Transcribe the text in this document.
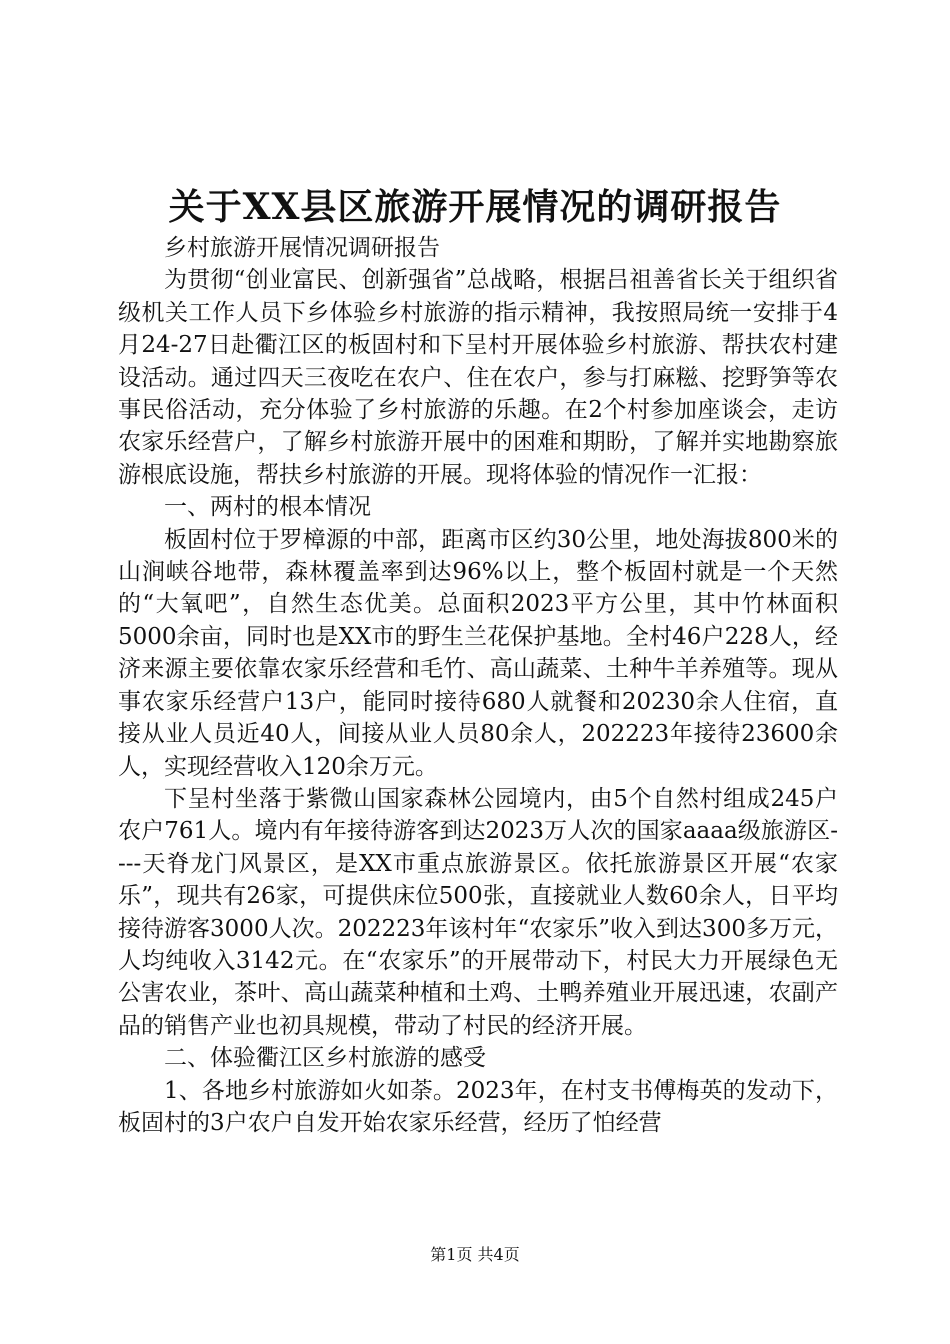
关于XX县区旅游开展情况的调研报告

乡村旅游开展情况调研报告

为贯彻“创业富民、创新强省”总战略，根据吕祖善省长关于组织省级机关工作人员下乡体验乡村旅游的指示精神，我按照局统一安排于4月24-27日赴衢江区的板固村和下呈村开展体验乡村旅游、帮扶农村建设活动。通过四天三夜吃在农户、住在农户，参与打麻糍、挖野笋等农事民俗活动，充分体验了乡村旅游的乐趣。在2个村参加座谈会，走访农家乐经营户，了解乡村旅游开展中的困难和期盼，了解并实地勘察旅游根底设施，帮扶乡村旅游的开展。现将体验的情况作一汇报：

一、两村的根本情况

板固村位于罗樟源的中部，距离市区约30公里，地处海拔800米的山涧峡谷地带，森林覆盖率到达96%以上，整个板固村就是一个天然的“大氧吧”，自然生态优美。总面积2023平方公里，其中竹林面积5000余亩，同时也是XX市的野生兰花保护基地。全村46户228人，经济来源主要依靠农家乐经营和毛竹、高山蔬菜、土种牛羊养殖等。现从事农家乐经营户13户，能同时接待680人就餐和20230余人住宿，直接从业人员近40人，间接从业人员80余人，202223年接待23600余人，实现经营收入120余万元。

下呈村坐落于紫微山国家森林公园境内，由5个自然村组成245户农户761人。境内有年接待游客到达2023万人次的国家aaaa级旅游区----天脊龙门风景区，是XX市重点旅游景区。依托旅游景区开展“农家乐”，现共有26家，可提供床位500张，直接就业人数60余人，日平均接待游客3000人次。202223年该村年“农家乐”收入到达300多万元，人均纯收入3142元。在“农家乐”的开展带动下，村民大力开展绿色无公害农业，茶叶、高山蔬菜种植和土鸡、土鸭养殖业开展迅速，农副产品的销售产业也初具规模，带动了村民的经济开展。

二、体验衢江区乡村旅游的感受

1、各地乡村旅游如火如荼。2023年，在村支书傅梅英的发动下，板固村的3户农户自发开始农家乐经营，经历了怕经营

第1页 共4页
